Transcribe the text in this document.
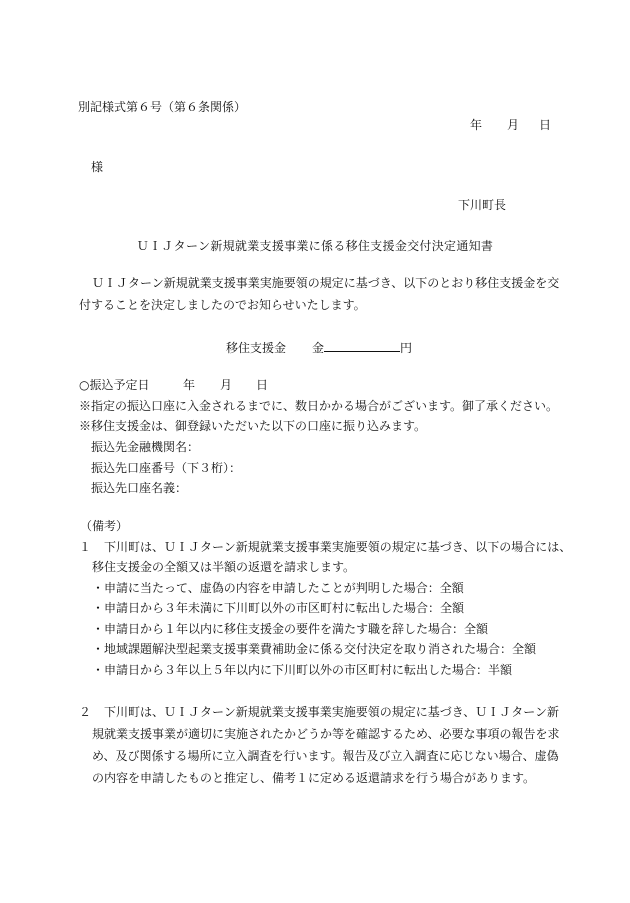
別記様式第６号（第６条関係）
年 月 日
様
下川町長
ＵＩＪターン新規就業支援事業に係る移住支援金交付決定通知書
ＵＩＪターン新規就業支援事業実施要領の規定に基づき、以下のとおり移住支援金を交
付することを決定しましたのでお知らせいたします。
移住支援金 金	円
○振込予定日	年 月 日
※指定の振込口座に入金されるまでに、数日かかる場合がございます。御了承ください。
※移住支援金は、御登録いただいた以下の口座に振り込みます。
振込先金融機関名：
振込先口座番号（下３桁）：
振込先口座名義：
（備考）
１ 下川町は、ＵＩＪターン新規就業支援事業実施要領の規定に基づき、以下の場合には、
移住支援金の全額又は半額の返還を請求します。
・申請に当たって、虚偽の内容を申請したことが判明した場合：全額
・申請日から３年未満に下川町以外の市区町村に転出した場合：全額
・申請日から１年以内に移住支援金の要件を満たす職を辞した場合：全額
・地域課題解決型起業支援事業費補助金に係る交付決定を取り消された場合：全額
・申請日から３年以上５年以内に下川町以外の市区町村に転出した場合：半額
２ 下川町は、ＵＩＪターン新規就業支援事業実施要領の規定に基づき、ＵＩＪターン新
規就業支援事業が適切に実施されたかどうか等を確認するため、必要な事項の報告を求
め、及び関係する場所に立入調査を行います。報告及び立入調査に応じない場合、虚偽
の内容を申請したものと推定し、備考１に定める返還請求を行う場合があります。
